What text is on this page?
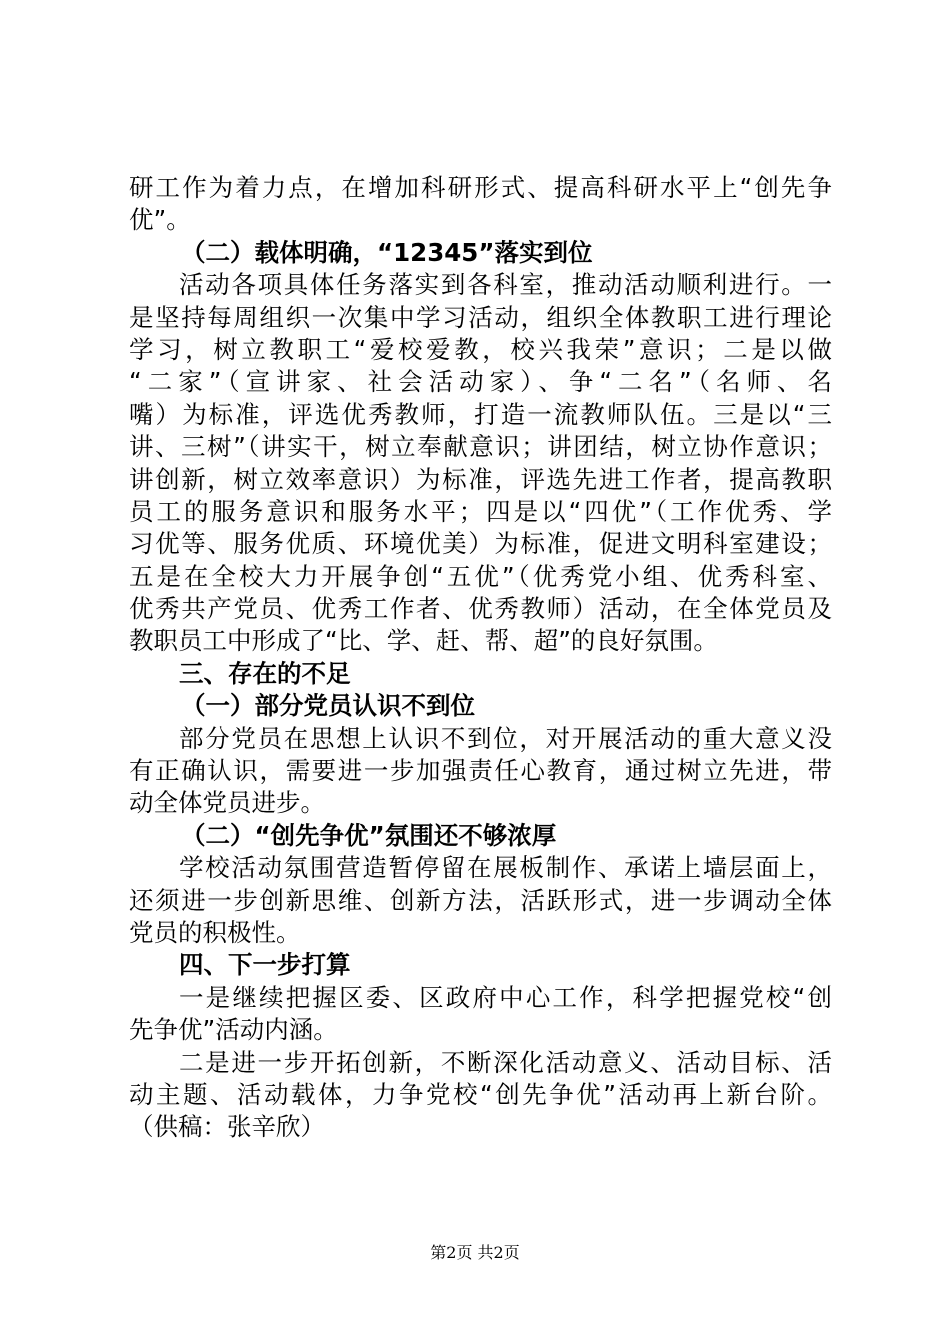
研工作为着力点，在增加科研形式、提高科研水平上“创先争
优”。
（二）载体明确，“12345”落实到位
活动各项具体任务落实到各科室，推动活动顺利进行。一
是坚持每周组织一次集中学习活动，组织全体教职工进行理论
学习，树立教职工“爱校爱教，校兴我荣”意识；二是以做
“二家”（宣讲家、社会活动家）、争“二名”（名师、名
嘴）为标准，评选优秀教师，打造一流教师队伍。三是以“三
讲、三树”（讲实干，树立奉献意识；讲团结，树立协作意识；
讲创新，树立效率意识）为标准，评选先进工作者，提高教职
员工的服务意识和服务水平；四是以“四优”（工作优秀、学
习优等、服务优质、环境优美）为标准，促进文明科室建设；
五是在全校大力开展争创“五优”（优秀党小组、优秀科室、
优秀共产党员、优秀工作者、优秀教师）活动，在全体党员及
教职员工中形成了“比、学、赶、帮、超”的良好氛围。
三、存在的不足
（一）部分党员认识不到位
部分党员在思想上认识不到位，对开展活动的重大意义没
有正确认识，需要进一步加强责任心教育，通过树立先进，带
动全体党员进步。
（二）“创先争优”氛围还不够浓厚
学校活动氛围营造暂停留在展板制作、承诺上墙层面上，
还须进一步创新思维、创新方法，活跃形式，进一步调动全体
党员的积极性。
四、下一步打算
一是继续把握区委、区政府中心工作，科学把握党校“创
先争优”活动内涵。
二是进一步开拓创新，不断深化活动意义、活动目标、活
动主题、活动载体，力争党校“创先争优”活动再上新台阶。
（供稿：张辛欣）
第2页 共2页
